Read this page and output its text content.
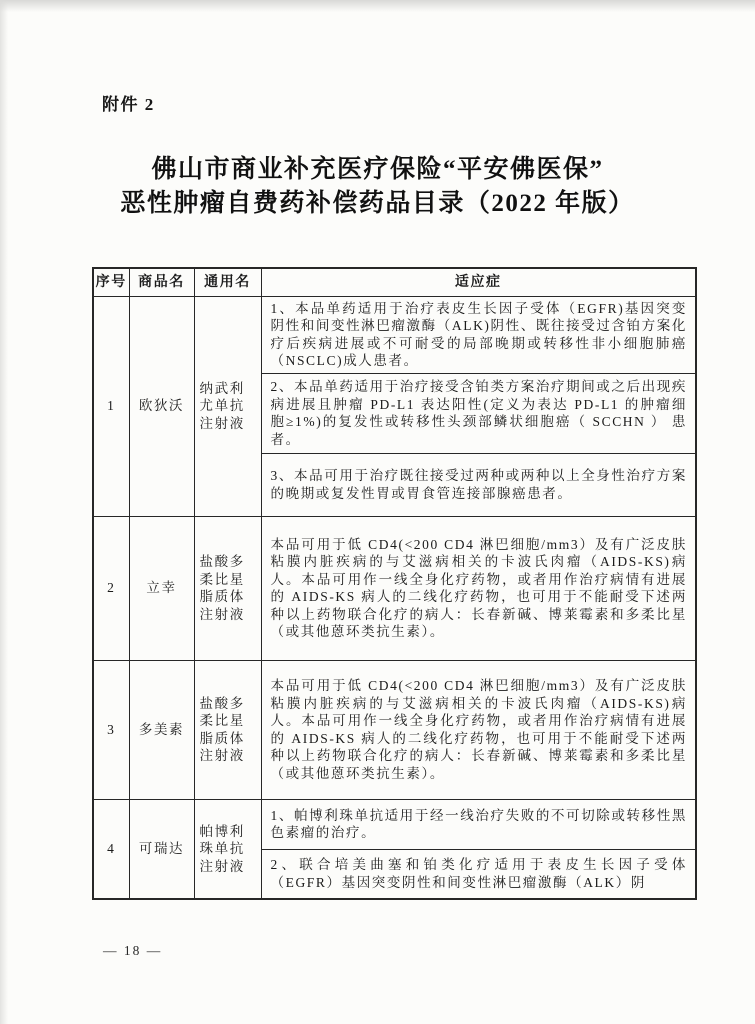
附件 2
佛山市商业补充医疗保险“平安佛医保”
恶性肿瘤自费药补偿药品目录（2022 年版）
序号	商品名	通用名	适应症
1	欧狄沃	纳武利尤单抗注射液	1、本品单药适用于治疗表皮生长因子受体（EGFR)基因突变阴性和间变性淋巴瘤激酶（ALK)阴性、既往接受过含铂方案化疗后疾病进展或不可耐受的局部晚期或转移性非小细胞肺癌（NSCLC)成人患者。
			2、本品单药适用于治疗接受含铂类方案治疗期间或之后出现疾病进展且肿瘤 PD-L1 表达阳性(定义为表达 PD-L1 的肿瘤细胞≥1%)的复发性或转移性头颈部鳞状细胞癌（ SCCHN ） 患者。
			3、本品可用于治疗既往接受过两种或两种以上全身性治疗方案的晚期或复发性胃或胃食管连接部腺癌患者。
2	立幸	盐酸多柔比星脂质体注射液	本品可用于低 CD4(<200 CD4 淋巴细胞/mm3）及有广泛皮肤粘膜内脏疾病的与艾滋病相关的卡波氏肉瘤（AIDS-KS)病人。本品可用作一线全身化疗药物，或者用作治疗病情有进展的 AIDS-KS 病人的二线化疗药物，也可用于不能耐受下述两种以上药物联合化疗的病人：长春新碱、博莱霉素和多柔比星（或其他蒽环类抗生素）。
3	多美素	盐酸多柔比星脂质体注射液	本品可用于低 CD4(<200 CD4 淋巴细胞/mm3）及有广泛皮肤粘膜内脏疾病的与艾滋病相关的卡波氏肉瘤（AIDS-KS)病人。本品可用作一线全身化疗药物，或者用作治疗病情有进展的 AIDS-KS 病人的二线化疗药物，也可用于不能耐受下述两种以上药物联合化疗的病人：长春新碱、博莱霉素和多柔比星（或其他蒽环类抗生素）。
4	可瑞达	帕博利珠单抗注射液	1、帕博利珠单抗适用于经一线治疗失败的不可切除或转移性黑色素瘤的治疗。
			2、联合培美曲塞和铂类化疗适用于表皮生长因子受体（EGFR）基因突变阴性和间变性淋巴瘤激酶（ALK）阴
— 18 —
